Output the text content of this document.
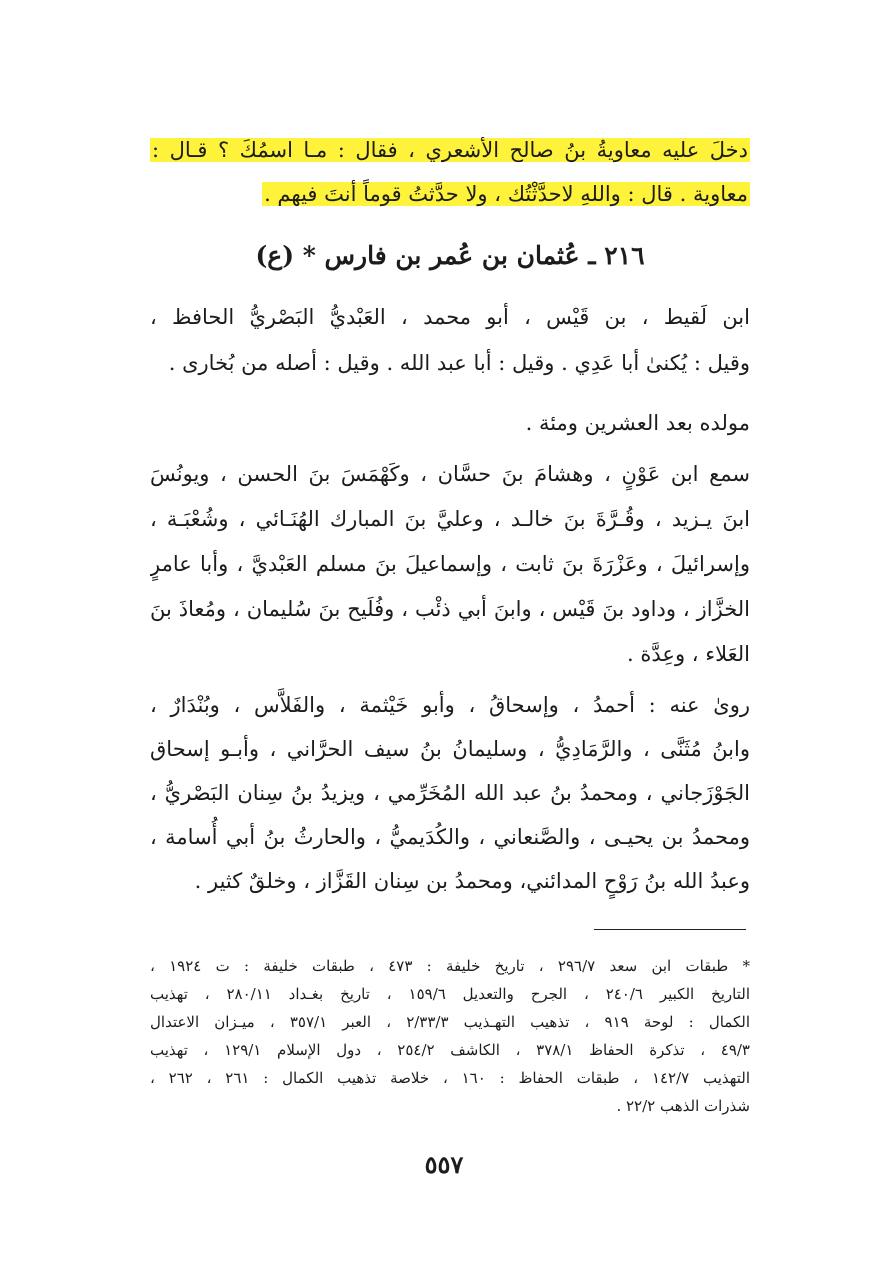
دخلَ عليه معاويةُ بنُ صالح الأشعري ، فقال : مـا اسمُكَ ؟ قـال :
معاوية . قال : واللهِ لاحدَّثْتُك ، ولا حدَّثتُ قوماً أنتَ فيهم .
٢١٦ ـ عُثمان بن عُمر بن فارس * (ع)
ابن لَقيط ، بن قَيْس ، أبو محمد ، العَبْديُّ البَصْريُّ الحافظ ،
وقيل : يُكنىٰ أبا عَدِي . وقيل : أبا عبد الله . وقيل : أصله من بُخارى .
مولده بعد العشرين ومئة .
سمع ابن عَوْنٍ ، وهشامَ بنَ حسَّان ، وكَهْمَسَ بنَ الحسن ، ويونُسَ
ابنَ يـزيد ، وقُـرَّةَ بنَ خالـد ، وعليَّ بنَ المبارك الهُنَـائي ، وشُعْبَـة ،
وإسرائيلَ ، وعَزْرَةَ بنَ ثابت ، وإسماعيلَ بنَ مسلم العَبْديَّ ، وأبا عامرٍ
الخزَّاز ، وداود بنَ قَيْس ، وابنَ أبي ذئْب ، وفُلَيح بنَ سُليمان ، ومُعاذَ بنَ
العَلاء ، وعِدَّة .
روىٰ عنه : أحمدُ ، وإسحاقُ ، وأبو خَيْثمة ، والفَلاَّس ، وبُنْدَارٌ ،
وابنُ مُثَنَّى ، والرَّمَادِيُّ ، وسليمانُ بنُ سيف الحرَّاني ، وأبـو إسحاق
الجَوْزَجاني ، ومحمدُ بنُ عبد الله المُخَرِّمي ، ويزيدُ بنُ سِنان البَصْريُّ ،
ومحمدُ بن يحيـى ، والصَّنعاني ، والكُدَيميُّ ، والحارثُ بنُ أبي أُسامة ،
وعبدُ الله بنُ رَوْحٍ المدائني، ومحمدُ بن سِنان القَزَّاز ، وخلقٌ كثير .
* طبقات ابن سعد ٢٩٦/٧ ، تاريخ خليفة : ٤٧٣ ، طبقات خليفة : ت ١٩٢٤ ،
التاريخ الكبير ٢٤٠/٦ ، الجرح والتعديل ١٥٩/٦ ، تاريخ بغـداد ٢٨٠/١١ ، تهذيب
الكمال : لوحة ٩١٩ ، تذهيب التهـذيب ٢/٣٣/٣ ، العبر ٣٥٧/١ ، ميـزان الاعتدال
٤٩/٣ ، تذكرة الحفاظ ٣٧٨/١ ، الكاشف ٢٥٤/٢ ، دول الإسلام ١٢٩/١ ، تهذيب
التهذيب ١٤٢/٧ ، طبقات الحفاظ : ١٦٠ ، خلاصة تذهيب الكمال : ٢٦١ ، ٢٦٢ ،
شذرات الذهب ٢٢/٢ .
٥٥٧
